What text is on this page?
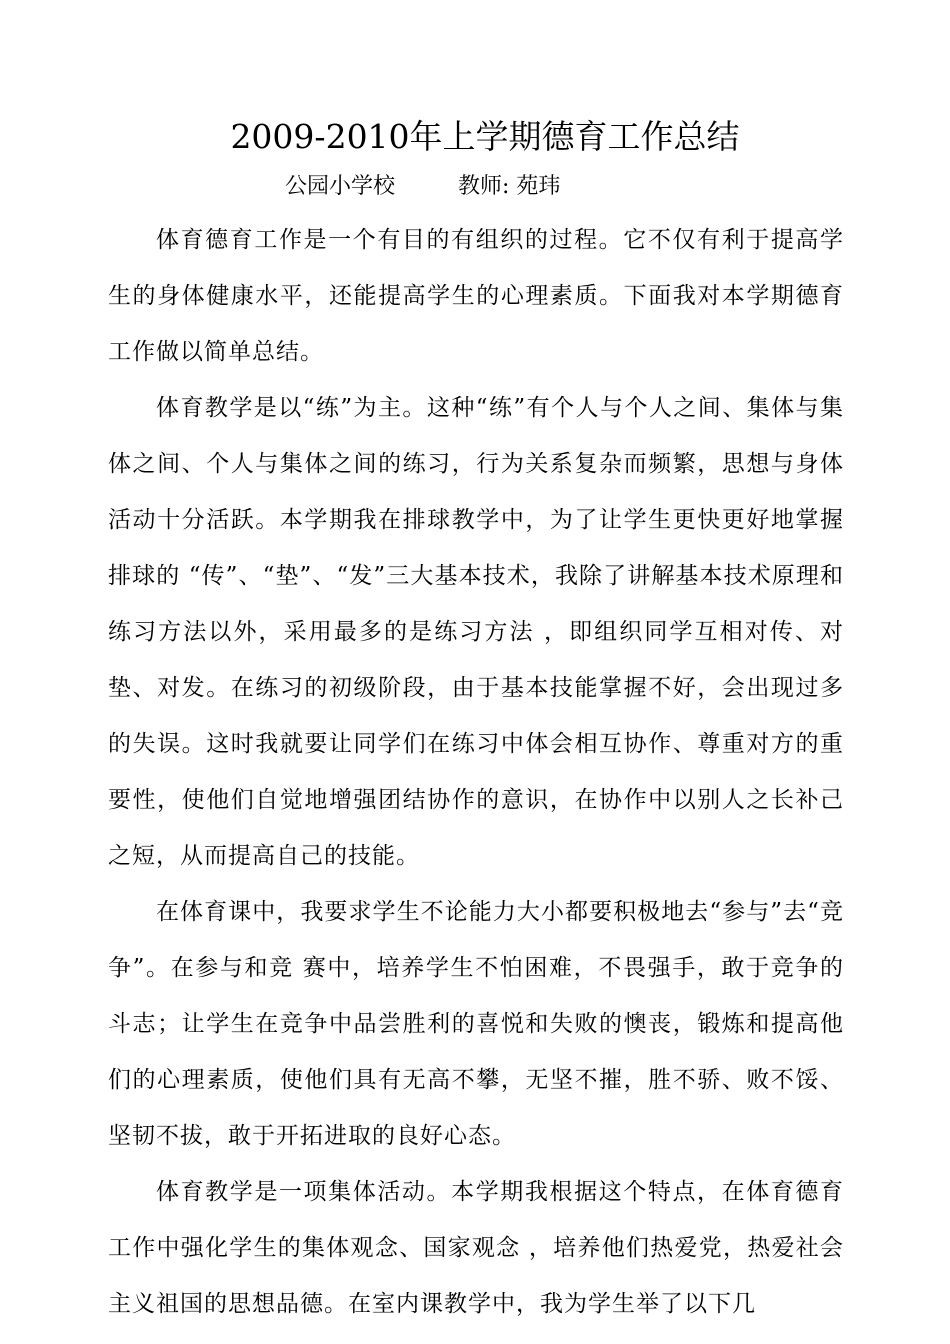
2009-2010年上学期德育工作总结
公园小学校	教师: 苑玮

体育德育工作是一个有目的有组织的过程。它不仅有利于提高学生的身体健康水平，还能提高学生的心理素质。下面我对本学期德育工作做以简单总结。

体育教学是以“练”为主。这种“练”有个人与个人之间、集体与集体之间、个人与集体之间的练习，行为关系复杂而频繁，思想与身体活动十分活跃。本学期我在排球教学中，为了让学生更快更好地掌握排球的 “传”、“垫”、“发”三大基本技术，我除了讲解基本技术原理和练习方法以外，采用最多的是练习方法 ，即组织同学互相对传、对垫、对发。在练习的初级阶段，由于基本技能掌握不好，会出现过多的失误。这时我就要让同学们在练习中体会相互协作、尊重对方的重要性，使他们自觉地增强团结协作的意识，在协作中以别人之长补己之短，从而提高自己的技能。

在体育课中，我要求学生不论能力大小都要积极地去“参与”去“竞争”。在参与和竞 赛中，培养学生不怕困难，不畏强手，敢于竞争的斗志；让学生在竞争中品尝胜利的喜悦和失败的懊丧，锻炼和提高他们的心理素质，使他们具有无高不攀，无坚不摧，胜不骄、败不馁、坚韧不拔，敢于开拓进取的良好心态。

体育教学是一项集体活动。本学期我根据这个特点，在体育德育工作中强化学生的集体观念、国家观念 ，培养他们热爱党，热爱社会主义祖国的思想品德。在室内课教学中，我为学生举了以下几
